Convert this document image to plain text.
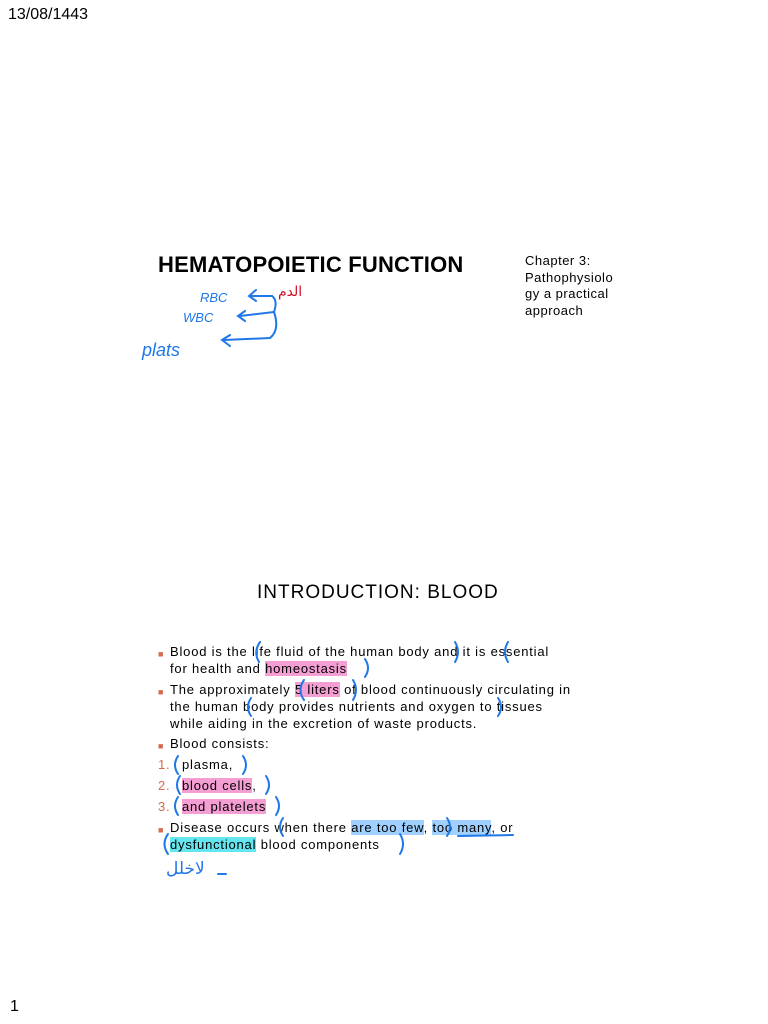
13/08/1443
HEMATOPOIETIC FUNCTION	Chapter 3:
Pathophysiolo
gy a practical
approach
RBC
WBC
plats
الدم
INTRODUCTION: BLOOD
■ Blood is the life fluid of the human body and it is essential
for health and homeostasis
■ The approximately 5 liters of blood continuously circulating in
the human body provides nutrients and oxygen to tissues
while aiding in the excretion of waste products.
■ Blood consists:
1. plasma,
2. blood cells,
3. and platelets
■ Disease occurs when there are too few, too many, or
dysfunctional blood components
لاخلل
1
